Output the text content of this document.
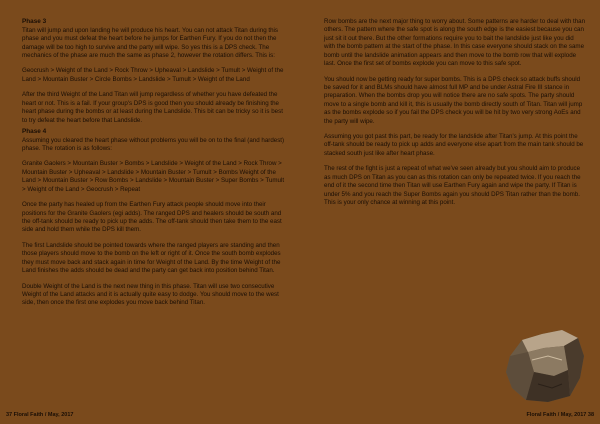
Phase 3

Titan will jump and upon landing he will produce his heart. You can not attack Titan during this phase and you must defeat the heart before he jumps for Earthen Fury. If you do not then the damage will be too high to survive and the party will wipe. So yes this is a DPS check. The mechanics of the phase are much the same as phase 2, however the rotation differs. This is:

Geocrush > Weight of the Land > Rock Throw > Upheaval > Landslide > Tumult > Weight of the Land > Mountain Buster > Circle Bombs > Landslide > Tumult > Weight of the Land

After the third Weight of the Land Titan will jump regardless of whether you have defeated the heart or not. This is a fail. If your group's DPS is good then you should already be finishing the heart phase during the bombs or at least during the Landslide. This bit can be tricky so it is best to try defeat the heart before that Landslide.

Phase 4

Assuming you cleared the heart phase without problems you will be on to the final (and hardest) phase. The rotation is as follows:

Granite Gaolers > Mountain Buster > Bombs > Landslide > Weight of the Land > Rock Throw > Mountain Buster > Upheaval > Landslide > Mountain Buster > Tumult > Bombs Weight of the Land > Mountain Buster > Row Bombs > Landslide > Mountain Buster > Super Bombs > Tumult > Weight of the Land > Geocrush > Repeat

Once the party has healed up from the Earthen Fury attack people should move into their positions for the Granite Gaolers (egi adds). The ranged DPS and healers should be south and the off-tank should be ready to pick up the adds. The off-tank should then take them to the east side and hold them while the DPS kill them.

The first Landslide should be pointed towards where the ranged players are standing and then those players should move to the bomb on the left or right of it. Once the south bomb explodes they must move back and stack again in time for Weight of the Land. By the time Weight of the Land finishes the adds should be dead and the party can get back into position behind Titan.

Double Weight of the Land is the next new thing in this phase. Titan will use two consecutive Weight of the Land attacks and it is actually quite easy to dodge. You should move to the west side, then once the first one explodes you move back behind Titan.

Row bombs are the next major thing to worry about. Some patterns are harder to deal with than others. The pattern where the safe spot is along the south edge is the easiest because you can just sit it out there. But the other formations require you to bait the landslide just like you did with the bomb pattern at the start of the phase. In this case everyone should stack on the same bomb until the landslide animation appears and then move to the bomb row that will explode last. Once the first set of bombs explode you can move to this safe spot.

You should now be getting ready for super bombs. This is a DPS check so attack buffs should be saved for it and BLMs should have almost full MP and be under Astral Fire III stance in preparation. When the bombs drop you will notice there are no safe spots. The party should move to a single bomb and kill it, this is usually the bomb directly south of Titan. Titan will jump as the bombs explode so if you fail the DPS check you will be hit by two very strong AoEs and the party will wipe.

Assuming you got past this part, be ready for the landslide after Titan's jump. At this point the off-tank should be ready to pick up adds and everyone else apart from the main tank should be stacked south just like after heart phase.

The rest of the fight is just a repeat of what we've seen already but you should aim to produce as much DPS on Titan as you can as this rotation can only be repeated twice. If you reach the end of it the second time then Titan will use Earthen Fury again and wipe the party. If Titan is under 5% and you reach the Super Bombs again you should DPS Titan rather than the bomb. This is your only chance at winning at this point.

37 Floral Faith / May, 2017	Floral Faith / May, 2017 38
